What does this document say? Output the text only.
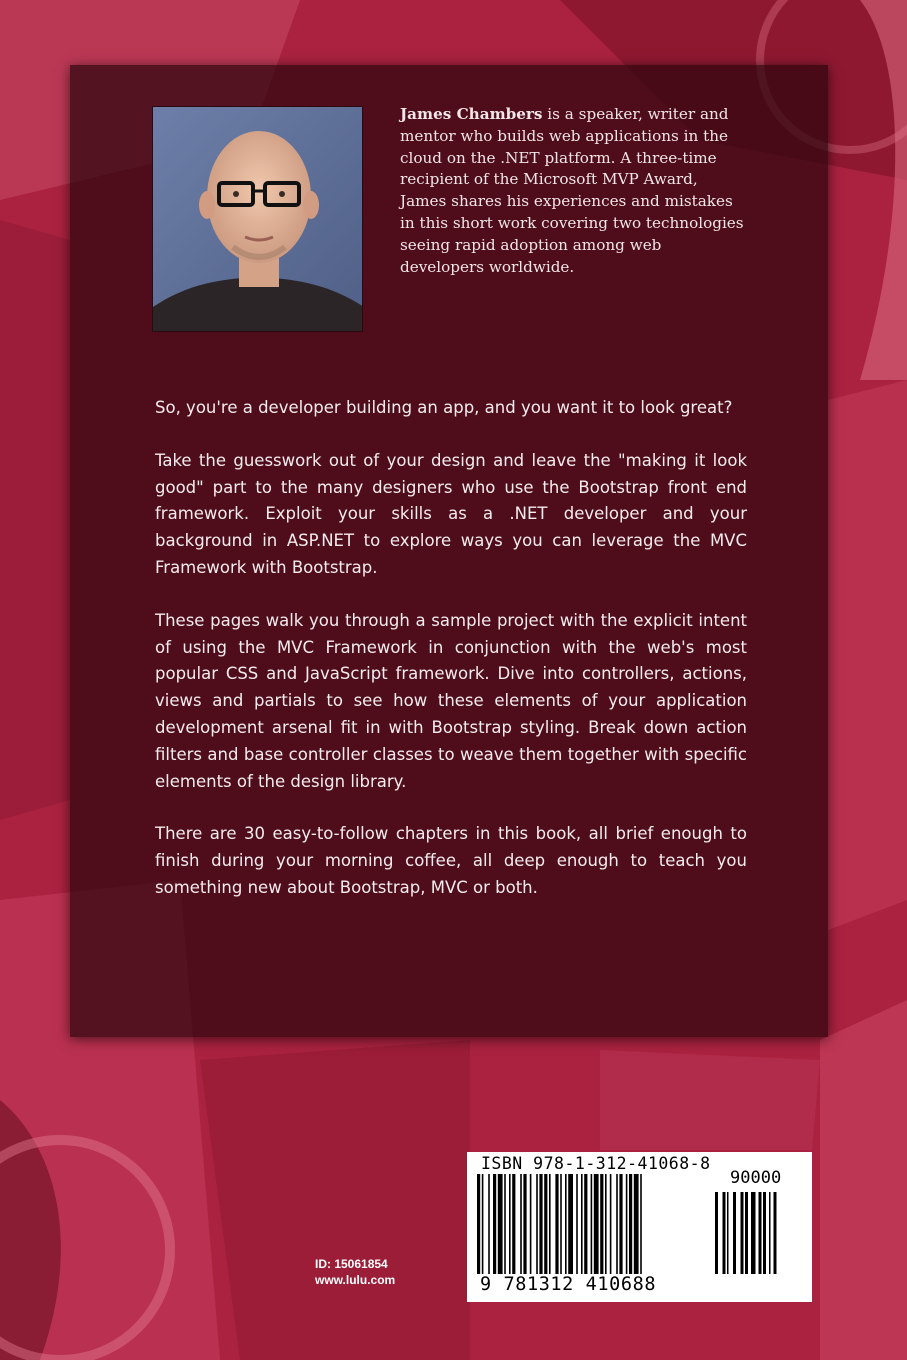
James Chambers is a speaker, writer and mentor who builds web applications in the cloud on the .NET platform. A three-time recipient of the Microsoft MVP Award, James shares his experiences and mistakes in this short work covering two technologies seeing rapid adoption among web developers worldwide.

So, you're a developer building an app, and you want it to look great?

Take the guesswork out of your design and leave the "making it look good" part to the many designers who use the Bootstrap front end framework. Exploit your skills as a .NET developer and your background in ASP.NET to explore ways you can leverage the MVC Framework with Bootstrap.

These pages walk you through a sample project with the explicit intent of using the MVC Framework in conjunction with the web's most popular CSS and JavaScript framework. Dive into controllers, actions, views and partials to see how these elements of your application development arsenal fit in with Bootstrap styling. Break down action filters and base controller classes to weave them together with specific elements of the design library.

There are 30 easy-to-follow chapters in this book, all brief enough to finish during your morning coffee, all deep enough to teach you something new about Bootstrap, MVC or both.

ID: 15061854
www.lulu.com
ISBN 978-1-312-41068-8
90000
9 781312 410688
